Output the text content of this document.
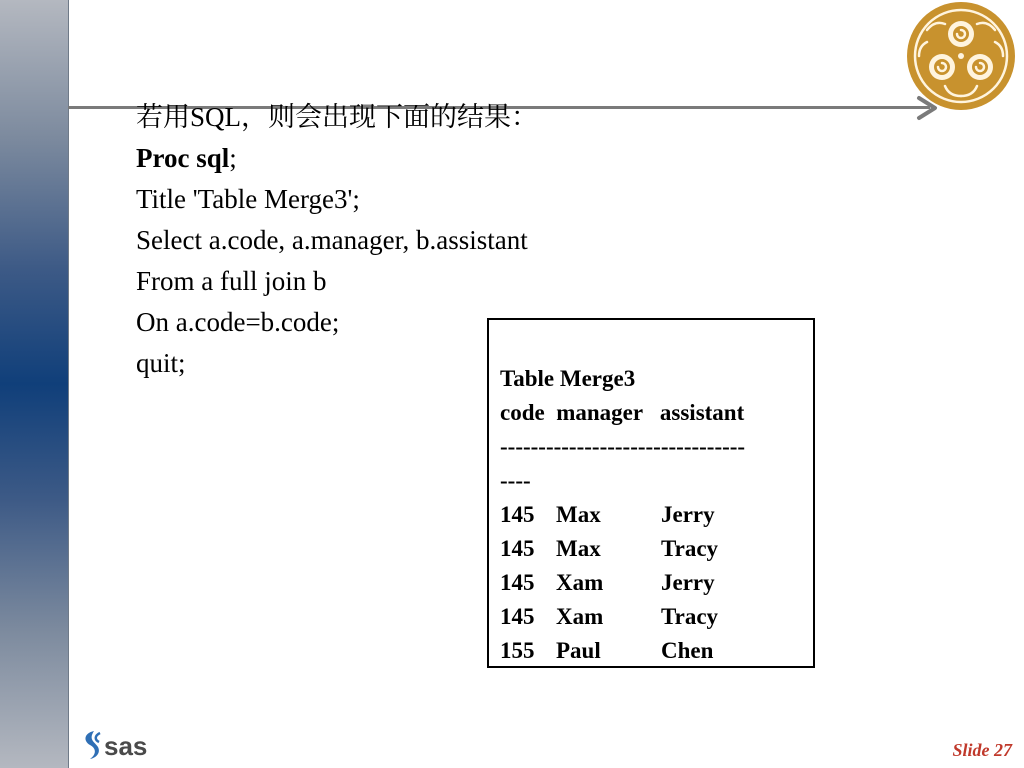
若用SQL，则会出现下面的结果：
Proc sql;
Title 'Table Merge3';
Select a.code, a.manager, b.assistant
From a full join b
On a.code=b.code;
quit;
Table Merge3
code  manager   assistant
--------------------------------
----
145 Max	Jerry
145 Max	Tracy
145 Xam	Jerry
145 Xam	Tracy
155 Paul	Chen
sas	Slide 27
